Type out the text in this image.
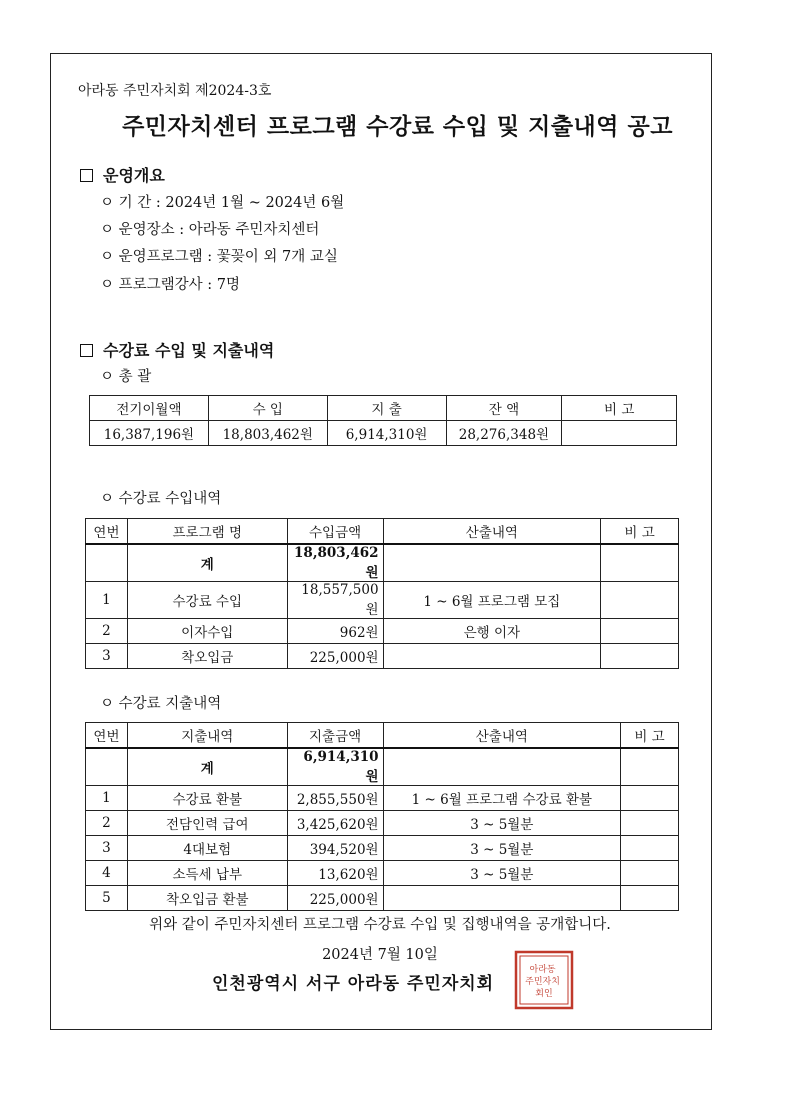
아라동 주민자치회 제2024-3호
주민자치센터 프로그램 수강료 수입 및 지출내역 공고
운영개요
ㅇ 기 간 : 2024년 1월 ~ 2024년 6월
ㅇ 운영장소 : 아라동 주민자치센터
ㅇ 운영프로그램 : 꽃꽂이 외 7개 교실
ㅇ 프로그램강사 : 7명
수강료 수입 및 지출내역
ㅇ 총 괄
전기이월액	수 입	지 출	잔 액	비 고
16,387,196원	18,803,462원	6,914,310원	28,276,348원	
ㅇ 수강료 수입내역
연번	프로그램 명	수입금액	산출내역	비 고
	계	18,803,462원		
1	수강료 수입	18,557,500원	1 ~ 6월 프로그램 모집	
2	이자수입	962원	은행 이자	
3	착오입금	225,000원		
ㅇ 수강료 지출내역
연번	지출내역	지출금액	산출내역	비 고
	계	6,914,310원		
1	수강료 환불	2,855,550원	1 ~ 6월 프로그램 수강료 환불	
2	전담인력 급여	3,425,620원	3 ~ 5월분	
3	4대보험	394,520원	3 ~ 5월분	
4	소득세 납부	13,620원	3 ~ 5월분	
5	착오입금 환불	225,000원		
위와 같이 주민자치센터 프로그램 수강료 수입 및 집행내역을 공개합니다.
2024년 7월 10일
인천광역시 서구 아라동 주민자치회
아라동 주민자치 회인
